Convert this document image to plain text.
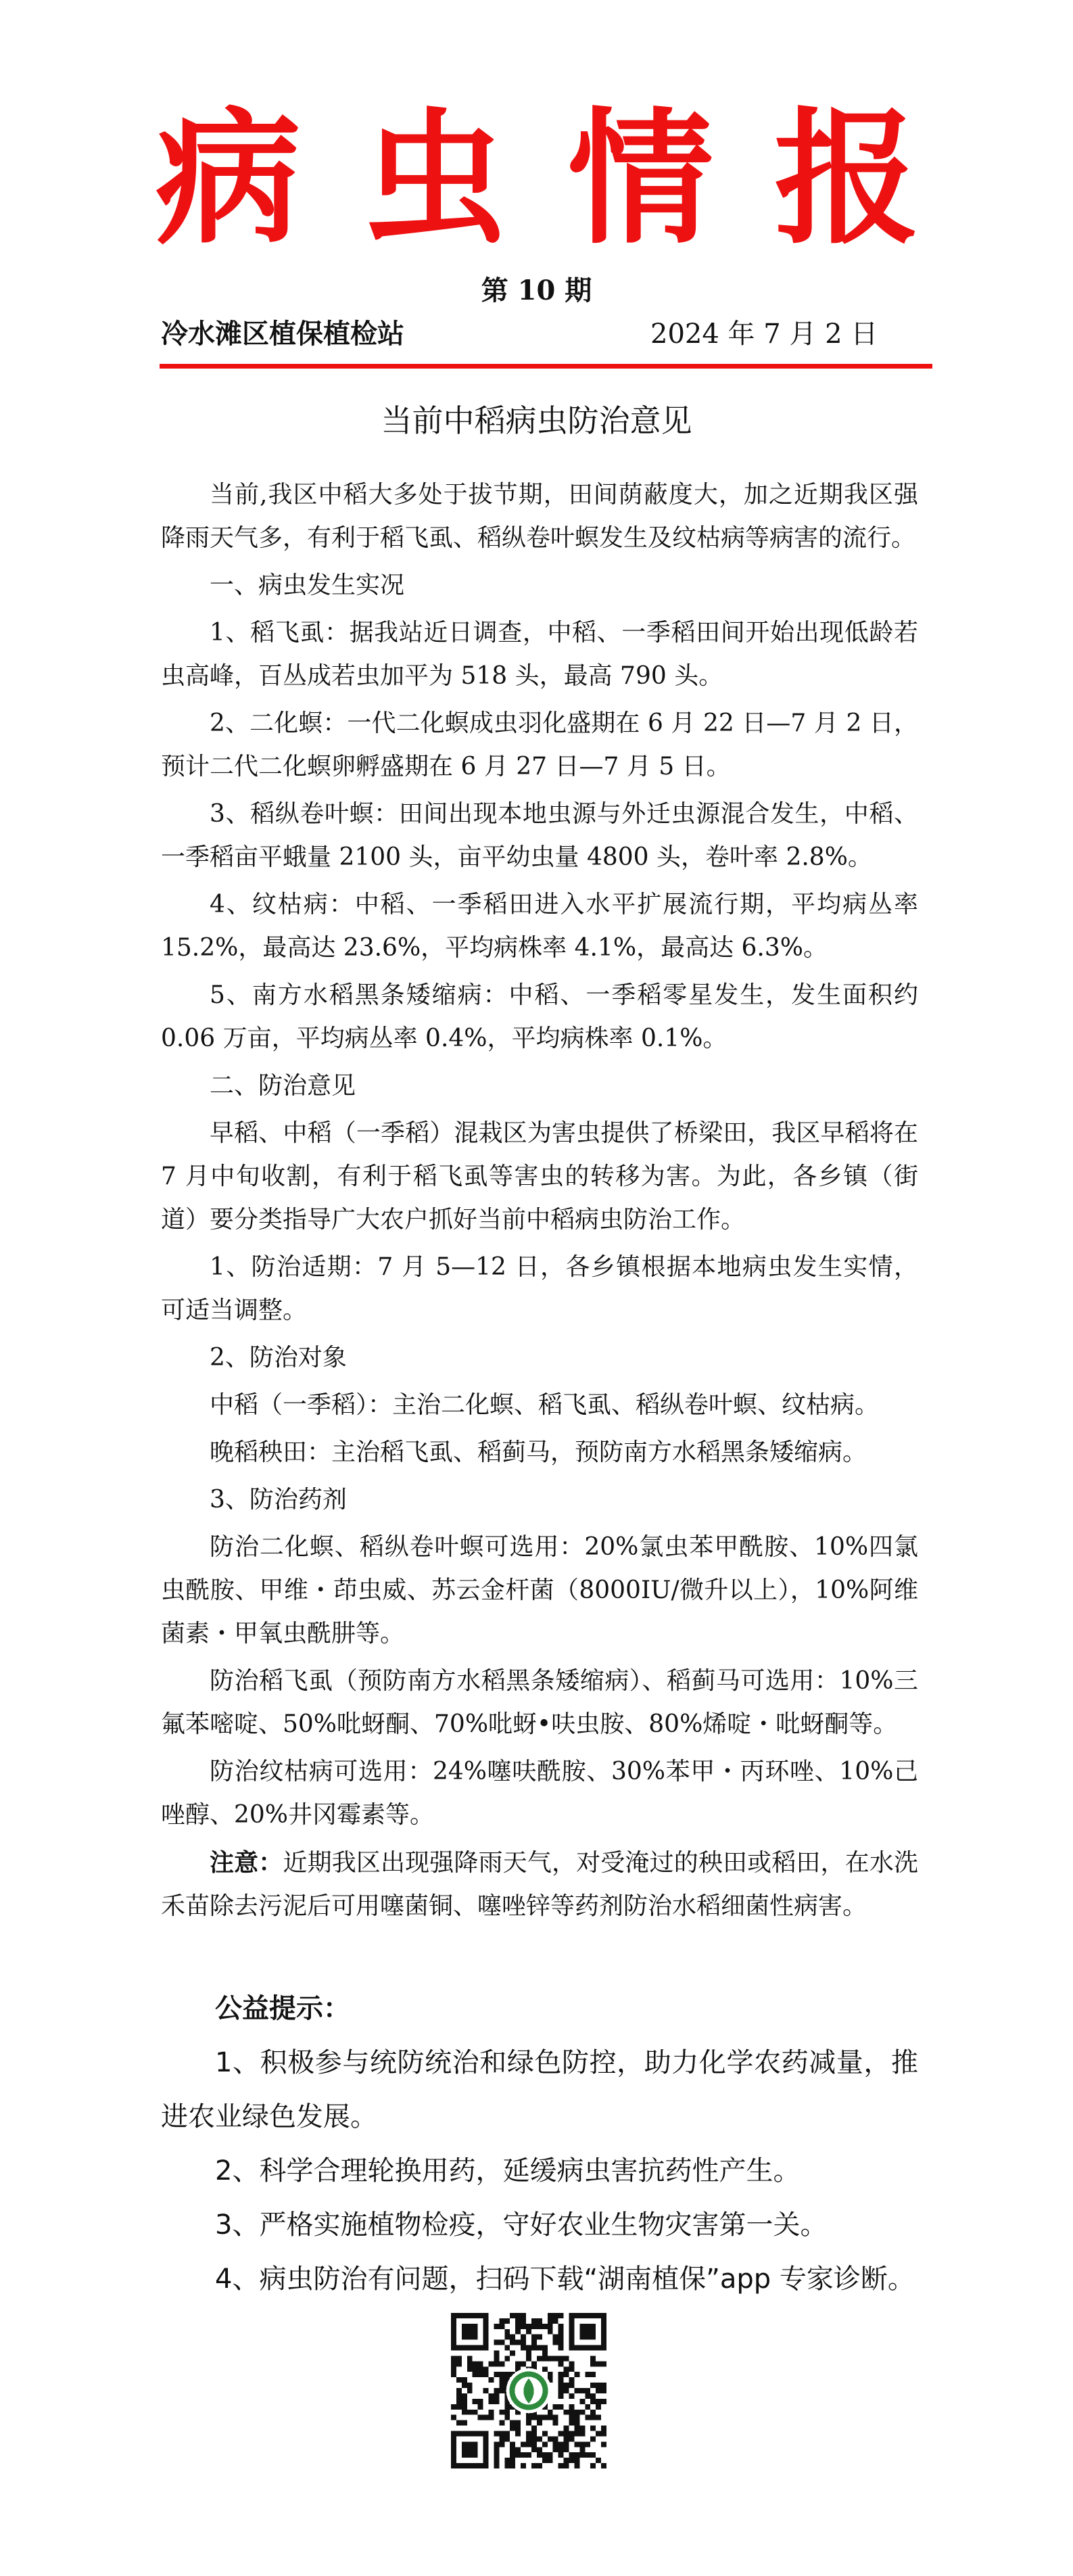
病 虫 情 报
第 10 期
冷水滩区植保植检站	2024 年 7 月 2 日
当前中稻病虫防治意见

当前,我区中稻大多处于拔节期，田间荫蔽度大，加之近期我区强降雨天气多，有利于稻飞虱、稻纵卷叶螟发生及纹枯病等病害的流行。

一、病虫发生实况

1、稻飞虱：据我站近日调查，中稻、一季稻田间开始出现低龄若虫高峰，百丛成若虫加平为 518 头，最高 790 头。

2、二化螟：一代二化螟成虫羽化盛期在 6 月 22 日—7 月 2 日，预计二代二化螟卵孵盛期在 6 月 27 日—7 月 5 日。

3、稻纵卷叶螟：田间出现本地虫源与外迁虫源混合发生，中稻、一季稻亩平蛾量 2100 头，亩平幼虫量 4800 头，卷叶率 2.8%。

4、纹枯病：中稻、一季稻田进入水平扩展流行期，平均病丛率 15.2%，最高达 23.6%，平均病株率 4.1%，最高达 6.3%。

5、南方水稻黑条矮缩病：中稻、一季稻零星发生，发生面积约 0.06 万亩，平均病丛率 0.4%，平均病株率 0.1%。

二、防治意见

早稻、中稻（一季稻）混栽区为害虫提供了桥梁田，我区早稻将在 7 月中旬收割，有利于稻飞虱等害虫的转移为害。为此，各乡镇（街道）要分类指导广大农户抓好当前中稻病虫防治工作。

1、防治适期：7 月 5—12 日，各乡镇根据本地病虫发生实情，可适当调整。

2、防治对象

中稻（一季稻）：主治二化螟、稻飞虱、稻纵卷叶螟、纹枯病。

晚稻秧田：主治稻飞虱、稻蓟马，预防南方水稻黑条矮缩病。

3、防治药剂

防治二化螟、稻纵卷叶螟可选用：20%氯虫苯甲酰胺、10%四氯虫酰胺、甲维・茚虫威、苏云金杆菌（8000IU/微升以上），10%阿维菌素・甲氧虫酰肼等。

防治稻飞虱（预防南方水稻黑条矮缩病）、稻蓟马可选用：10%三氟苯嘧啶、50%吡蚜酮、70%吡蚜•呋虫胺、80%烯啶・吡蚜酮等。

防治纹枯病可选用：24%噻呋酰胺、30%苯甲・丙环唑、10%己唑醇、20%井冈霉素等。

注意：近期我区出现强降雨天气，对受淹过的秧田或稻田，在水洗禾苗除去污泥后可用噻菌铜、噻唑锌等药剂防治水稻细菌性病害。

公益提示：

1、积极参与统防统治和绿色防控，助力化学农药减量，推进农业绿色发展。

2、科学合理轮换用药，延缓病虫害抗药性产生。

3、严格实施植物检疫，守好农业生物灾害第一关。

4、病虫防治有问题，扫码下载“湖南植保”app 专家诊断。
